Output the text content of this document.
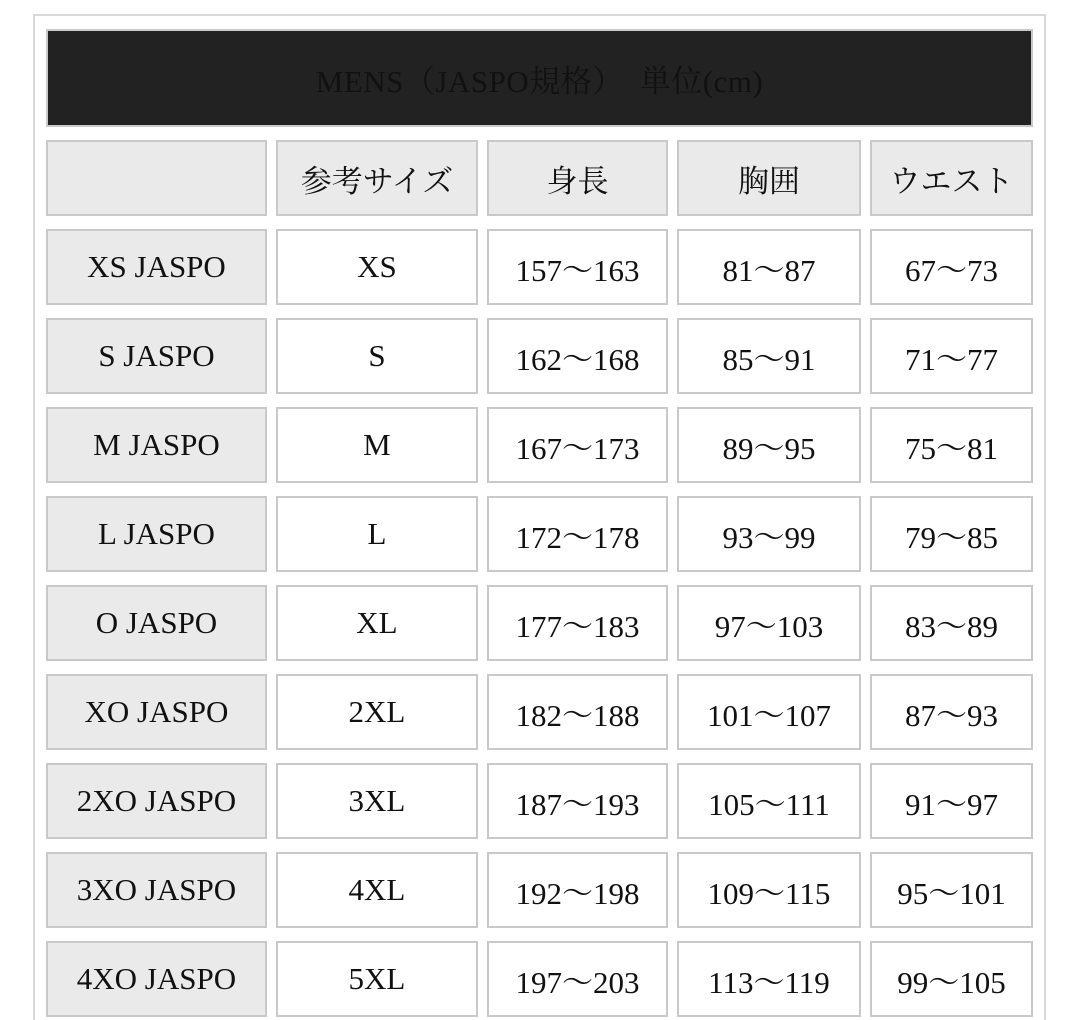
MENS（JASPO規格）　単位(cm)				
	参考サイズ	身長	胸囲	ウエスト
XS JASPO	XS	157〜163	81〜87	67〜73
S JASPO	S	162〜168	85〜91	71〜77
M JASPO	M	167〜173	89〜95	75〜81
L JASPO	L	172〜178	93〜99	79〜85
O JASPO	XL	177〜183	97〜103	83〜89
XO JASPO	2XL	182〜188	101〜107	87〜93
2XO JASPO	3XL	187〜193	105〜111	91〜97
3XO JASPO	4XL	192〜198	109〜115	95〜101
4XO JASPO	5XL	197〜203	113〜119	99〜105
